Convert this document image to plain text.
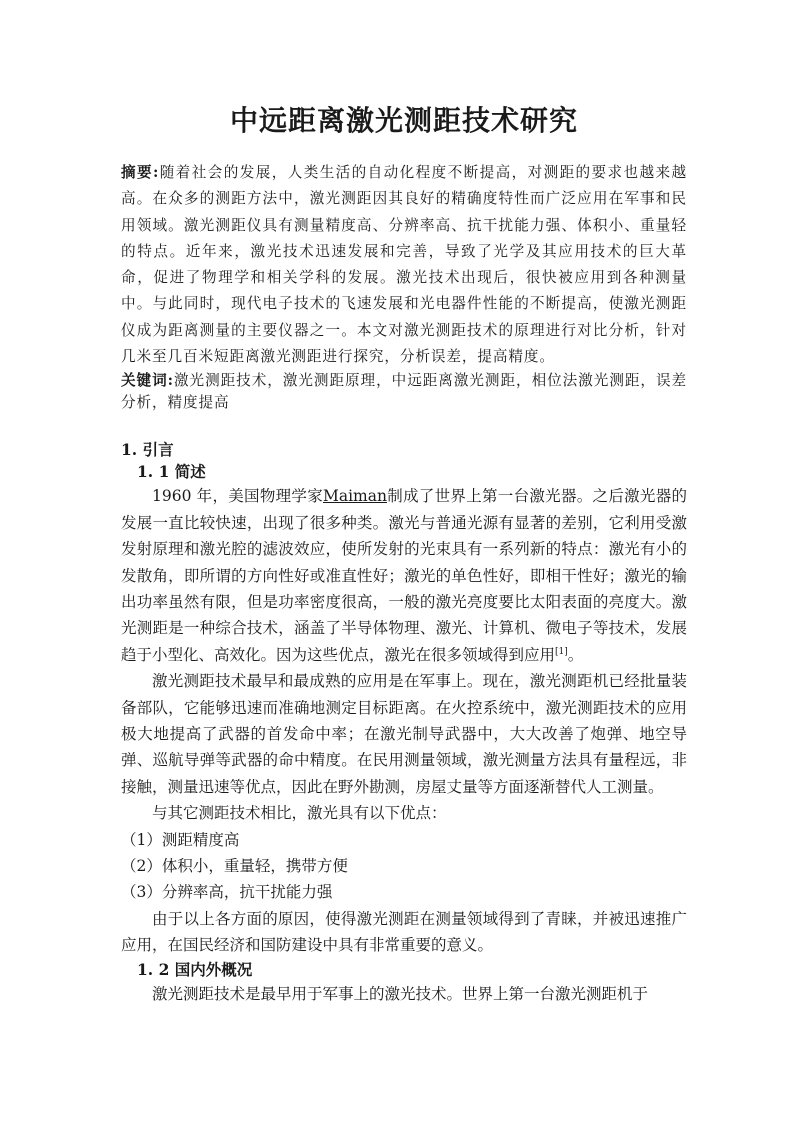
中远距离激光测距技术研究
摘要:随着社会的发展，人类生活的自动化程度不断提高，对测距的要求也越来越高。在众多的测距方法中，激光测距因其良好的精确度特性而广泛应用在军事和民用领域。激光测距仪具有测量精度高、分辨率高、抗干扰能力强、体积小、重量轻的特点。近年来，激光技术迅速发展和完善，导致了光学及其应用技术的巨大革命，促进了物理学和相关学科的发展。激光技术出现后，很快被应用到各种测量中。与此同时，现代电子技术的飞速发展和光电器件性能的不断提高，使激光测距仪成为距离测量的主要仪器之一。本文对激光测距技术的原理进行对比分析，针对几米至几百米短距离激光测距进行探究，分析误差，提高精度。
关键词:激光测距技术，激光测距原理，中远距离激光测距，相位法激光测距，误差分析，精度提高
1. 引言
1. 1 简述
1960 年，美国物理学家Maiman制成了世界上第一台激光器。之后激光器的发展一直比较快速，出现了很多种类。激光与普通光源有显著的差别，它利用受激发射原理和激光腔的滤波效应，使所发射的光束具有一系列新的特点：激光有小的发散角，即所谓的方向性好或准直性好；激光的单色性好，即相干性好；激光的输出功率虽然有限，但是功率密度很高，一般的激光亮度要比太阳表面的亮度大。激光测距是一种综合技术，涵盖了半导体物理、激光、计算机、微电子等技术，发展趋于小型化、高效化。因为这些优点，激光在很多领域得到应用[1]。
激光测距技术最早和最成熟的应用是在军事上。现在，激光测距机已经批量装备部队，它能够迅速而准确地测定目标距离。在火控系统中，激光测距技术的应用极大地提高了武器的首发命中率；在激光制导武器中，大大改善了炮弹、地空导弹、巡航导弹等武器的命中精度。在民用测量领域，激光测量方法具有量程远，非接触，测量迅速等优点，因此在野外勘测，房屋丈量等方面逐渐替代人工测量。
与其它测距技术相比，激光具有以下优点：
（1）测距精度高
（2）体积小，重量轻，携带方便
（3）分辨率高，抗干扰能力强
由于以上各方面的原因，使得激光测距在测量领域得到了青睐，并被迅速推广应用，在国民经济和国防建设中具有非常重要的意义。
1. 2 国内外概况
激光测距技术是最早用于军事上的激光技术。世界上第一台激光测距机于
